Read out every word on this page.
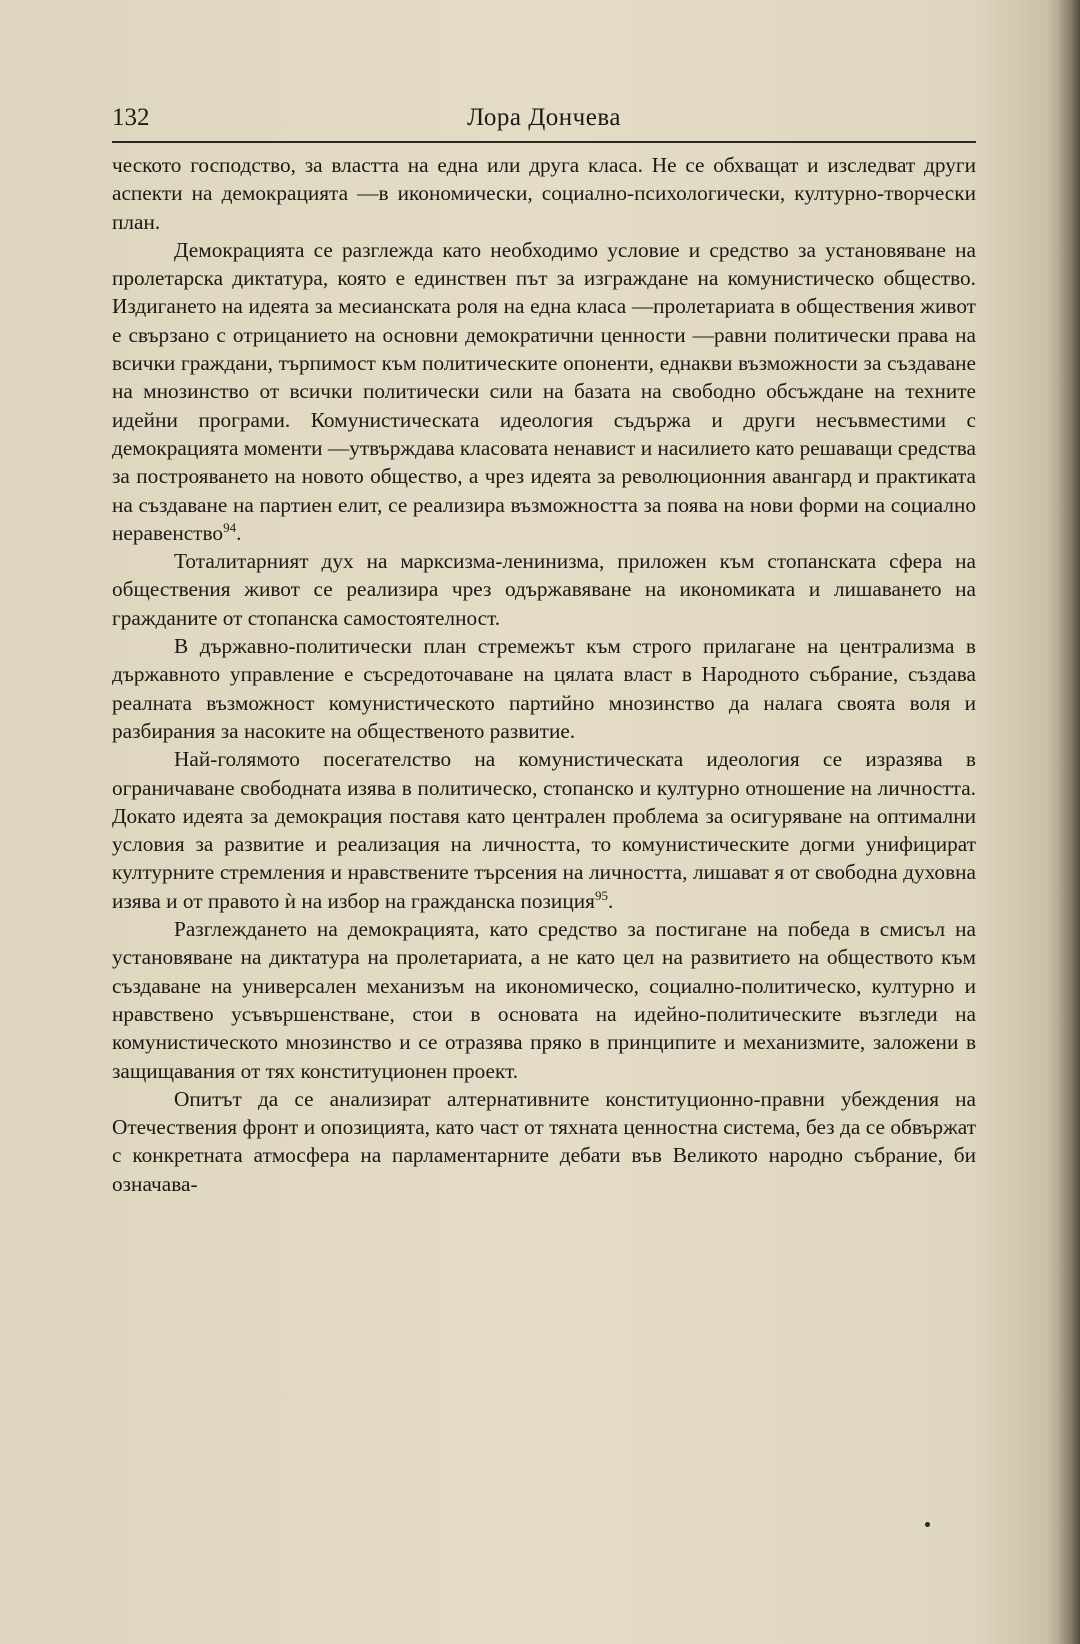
132	Лора Дончева

ческото господство, за властта на една или друга класа. Не се обхващат и изследват други аспекти на демокрацията —в икономически, социално-психологически, културно-творчески план.

Демокрацията се разглежда като необходимо условие и средство за установяване на пролетарска диктатура, която е единствен път за изграждане на комунистическо общество. Издигането на идеята за месианската роля на една класа —пролетариата в обществения живот е свързано с отрицанието на основни демократични ценности —равни политически права на всички граждани, търпимост към политическите опоненти, еднакви възможности за създаване на мнозинство от всички политически сили на базата на свободно обсъждане на техните идейни програми. Комунистическата идеология съдържа и други несъвместими с демокрацията моменти —утвърждава класовата ненавист и насилието като решаващи средства за построяването на новото общество, а чрез идеята за революционния авангард и практиката на създаване на партиен елит, се реализира възможността за поява на нови форми на социално неравенство$^{94}$.

Тоталитарният дух на марксизма-ленинизма, приложен към стопанската сфера на обществения живот се реализира чрез одържавяване на икономиката и лишаването на гражданите от стопанска самостоятелност.

В държавно-политически план стремежът към строго прилагане на централизма в държавното управление е съсредоточаване на цялата власт в Народното събрание, създава реалната възможност комунистическото партийно мнозинство да налага своята воля и разбирания за насоките на общественото развитие.

Най-голямото посегателство на комунистическата идеология се изразява в ограничаване свободната изява в политическо, стопанско и културно отношение на личността. Докато идеята за демокрация поставя като централен проблема за осигуряване на оптимални условия за развитие и реализация на личността, то комунистическите догми унифицират културните стремления и нравствените търсения на личността, лишават я от свободна духовна изява и от правото ѝ на избор на гражданска позиция$^{95}$.

Разглеждането на демокрацията, като средство за постигане на победа в смисъл на установяване на диктатура на пролетариата, а не като цел на развитието на обществото към създаване на универсален механизъм на икономическо, социално-политическо, културно и нравствено усъвършенстване, стои в основата на идейно-политическите възгледи на комунистическото мнозинство и се отразява пряко в принципите и механизмите, заложени в защищавания от тях конституционен проект.

Опитът да се анализират алтернативните конституционно-правни убеждения на Отечествения фронт и опозицията, като част от тяхната ценностна система, без да се обвържат с конкретната атмосфера на парламентарните дебати във Великото народно събрание, би означава-
